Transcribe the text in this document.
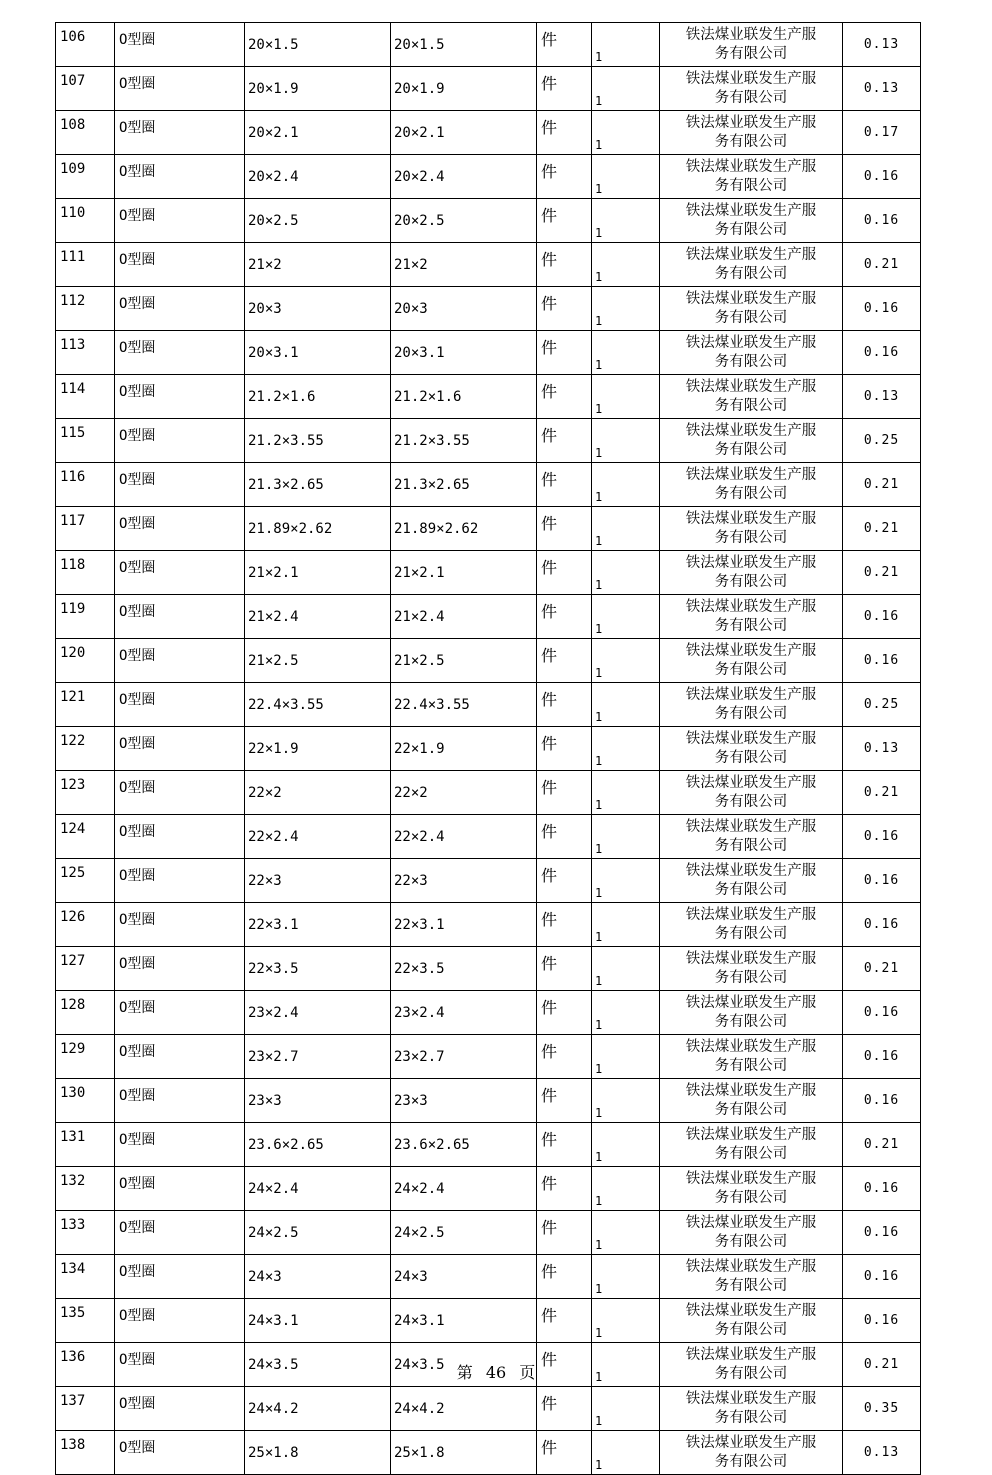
106	O型圈	20×1.5	20×1.5	件	1	铁法煤业联发生产服
务有限公司	0.13
107	O型圈	20×1.9	20×1.9	件	1	铁法煤业联发生产服
务有限公司	0.13
108	O型圈	20×2.1	20×2.1	件	1	铁法煤业联发生产服
务有限公司	0.17
109	O型圈	20×2.4	20×2.4	件	1	铁法煤业联发生产服
务有限公司	0.16
110	O型圈	20×2.5	20×2.5	件	1	铁法煤业联发生产服
务有限公司	0.16
111	O型圈	21×2	21×2	件	1	铁法煤业联发生产服
务有限公司	0.21
112	O型圈	20×3	20×3	件	1	铁法煤业联发生产服
务有限公司	0.16
113	O型圈	20×3.1	20×3.1	件	1	铁法煤业联发生产服
务有限公司	0.16
114	O型圈	21.2×1.6	21.2×1.6	件	1	铁法煤业联发生产服
务有限公司	0.13
115	O型圈	21.2×3.55	21.2×3.55	件	1	铁法煤业联发生产服
务有限公司	0.25
116	O型圈	21.3×2.65	21.3×2.65	件	1	铁法煤业联发生产服
务有限公司	0.21
117	O型圈	21.89×2.62	21.89×2.62	件	1	铁法煤业联发生产服
务有限公司	0.21
118	O型圈	21×2.1	21×2.1	件	1	铁法煤业联发生产服
务有限公司	0.21
119	O型圈	21×2.4	21×2.4	件	1	铁法煤业联发生产服
务有限公司	0.16
120	O型圈	21×2.5	21×2.5	件	1	铁法煤业联发生产服
务有限公司	0.16
121	O型圈	22.4×3.55	22.4×3.55	件	1	铁法煤业联发生产服
务有限公司	0.25
122	O型圈	22×1.9	22×1.9	件	1	铁法煤业联发生产服
务有限公司	0.13
123	O型圈	22×2	22×2	件	1	铁法煤业联发生产服
务有限公司	0.21
124	O型圈	22×2.4	22×2.4	件	1	铁法煤业联发生产服
务有限公司	0.16
125	O型圈	22×3	22×3	件	1	铁法煤业联发生产服
务有限公司	0.16
126	O型圈	22×3.1	22×3.1	件	1	铁法煤业联发生产服
务有限公司	0.16
127	O型圈	22×3.5	22×3.5	件	1	铁法煤业联发生产服
务有限公司	0.21
128	O型圈	23×2.4	23×2.4	件	1	铁法煤业联发生产服
务有限公司	0.16
129	O型圈	23×2.7	23×2.7	件	1	铁法煤业联发生产服
务有限公司	0.16
130	O型圈	23×3	23×3	件	1	铁法煤业联发生产服
务有限公司	0.16
131	O型圈	23.6×2.65	23.6×2.65	件	1	铁法煤业联发生产服
务有限公司	0.21
132	O型圈	24×2.4	24×2.4	件	1	铁法煤业联发生产服
务有限公司	0.16
133	O型圈	24×2.5	24×2.5	件	1	铁法煤业联发生产服
务有限公司	0.16
134	O型圈	24×3	24×3	件	1	铁法煤业联发生产服
务有限公司	0.16
135	O型圈	24×3.1	24×3.1	件	1	铁法煤业联发生产服
务有限公司	0.16
136	O型圈	24×3.5	24×3.5	件	1	铁法煤业联发生产服
务有限公司	0.21
137	O型圈	24×4.2	24×4.2	件	1	铁法煤业联发生产服
务有限公司	0.35
138	O型圈	25×1.8	25×1.8	件	1	铁法煤业联发生产服
务有限公司	0.13
第 46 页
